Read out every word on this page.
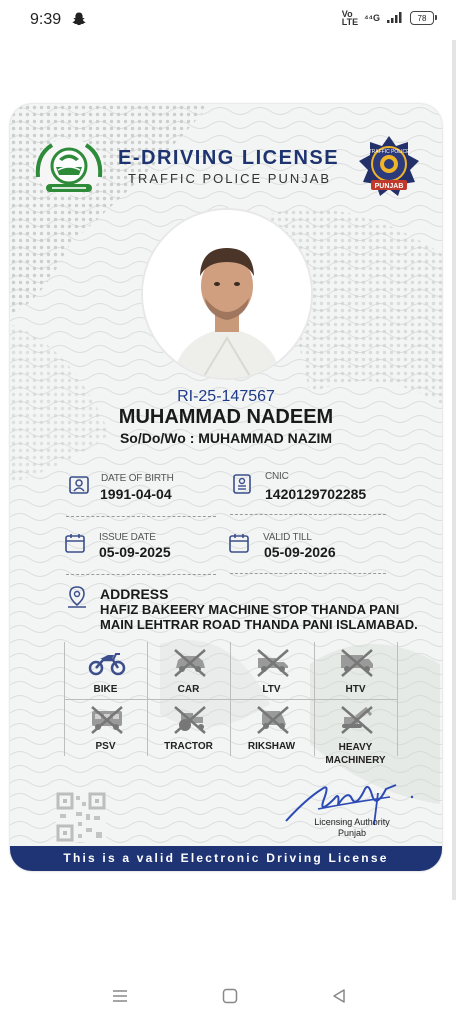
9:39	Vo
LTE ⁴⁴G	78
E-DRIVING LICENSE
TRAFFIC POLICE PUNJAB
TRAFFIC POLICE
PUNJAB
RI-25-147567
MUHAMMAD NADEEM
So/Do/Wo : MUHAMMAD NAZIM
DATE OF BIRTH
1991-04-04
CNIC
1420129702285
ISSUE DATE
05-09-2025
VALID TILL
05-09-2026
ADDRESS
HAFIZ BAKEERY MACHINE STOP THANDA PANI
MAIN LEHTRAR ROAD THANDA PANI ISLAMABAD.
BIKE	CAR	LTV	HTV
PSV	TRACTOR	RIKSHAW	HEAVY MACHINERY
Licensing Authority
Punjab
This is a valid Electronic Driving License
